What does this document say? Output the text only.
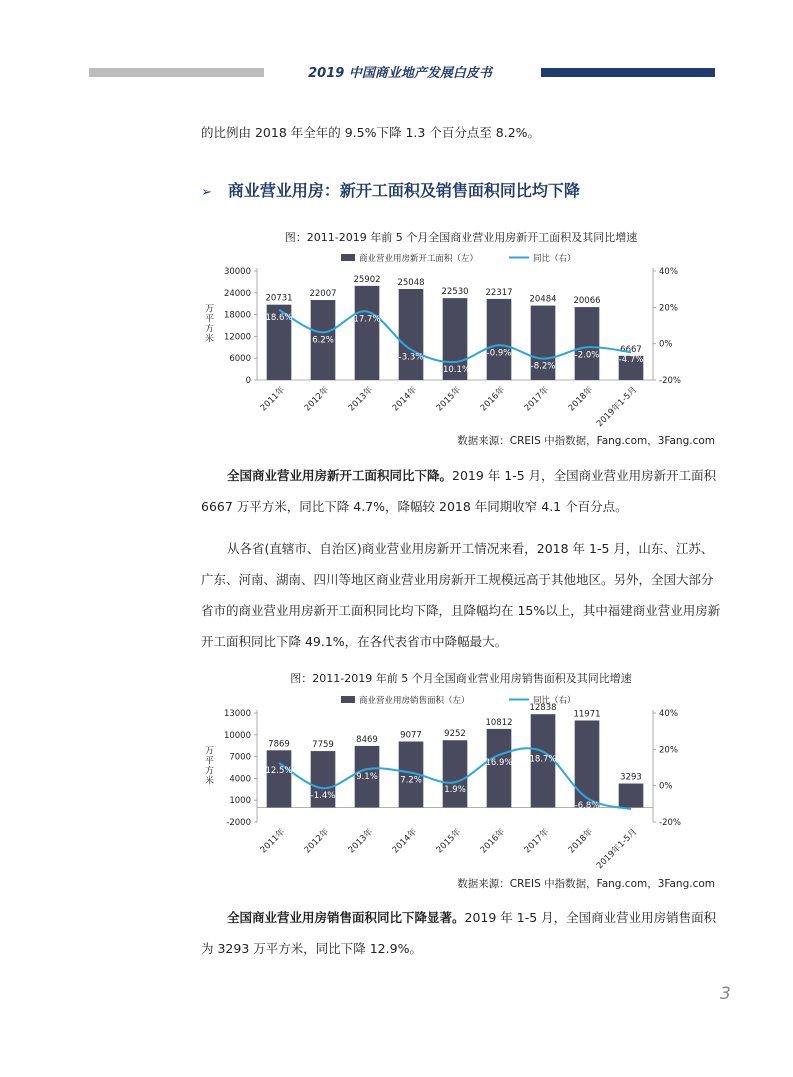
2019 中国商业地产发展白皮书

的比例由 2018 年全年的 9.5%下降 1.3 个百分点至 8.2%。

➢ 商业营业用房：新开工面积及销售面积同比均下降
图：2011-2019 年前 5 个月全国商业营业用房新开工面积及其同比增速
商业营业用房新开工面积（左）	同比（右）
30000
24000
18000
12000
6000
0
40%
20%
0%
-20%
万平方米
20731 22007
25902 25048
22530 22317
20484 20066
6667
18.6%
6.2%
17.7%
-3.3%
-10.1%
-0.9%
-8.2%
-2.0% -4.7%
2011年 2012年 2013年 2014年 2015年 2016年 2017年 2018年 2019年1-5月
数据来源：CREIS 中指数据，Fang.com，3Fang.com

全国商业营业用房新开工面积同比下降。2019 年 1-5 月，全国商业营业用房新开工面积 6667 万平方米，同比下降 4.7%，降幅较 2018 年同期收窄 4.1 个百分点。

从各省(直辖市、自治区)商业营业用房新开工情况来看，2018 年 1-5 月，山东、江苏、广东、河南、湖南、四川等地区商业营业用房新开工规模远高于其他地区。另外，全国大部分省市的商业营业用房新开工面积同比均下降，且降幅均在 15%以上，其中福建商业营业用房新开工面积同比下降 49.1%，在各代表省市中降幅最大。

图：2011-2019 年前 5 个月全国商业营业用房销售面积及其同比增速
商业营业用房销售面积（左）	同比（右）
13000
10000
7000
4000
1000
-2000
40%
20%
0%
-20%
万平方米
7869	7759
8469	9077	9252
10812
12838
11971
3293
12.5%
-1.4%
9.1%	7.2%
1.9%
16.9% 18.7%
-6.8%
-12.9%
2011年 2012年 2013年 2014年 2015年 2016年 2017年 2018年 2019年1-5月
数据来源：CREIS 中指数据，Fang.com，3Fang.com

全国商业营业用房销售面积同比下降显著。2019 年 1-5 月，全国商业营业用房销售面积为 3293 万平方米，同比下降 12.9%。

3
